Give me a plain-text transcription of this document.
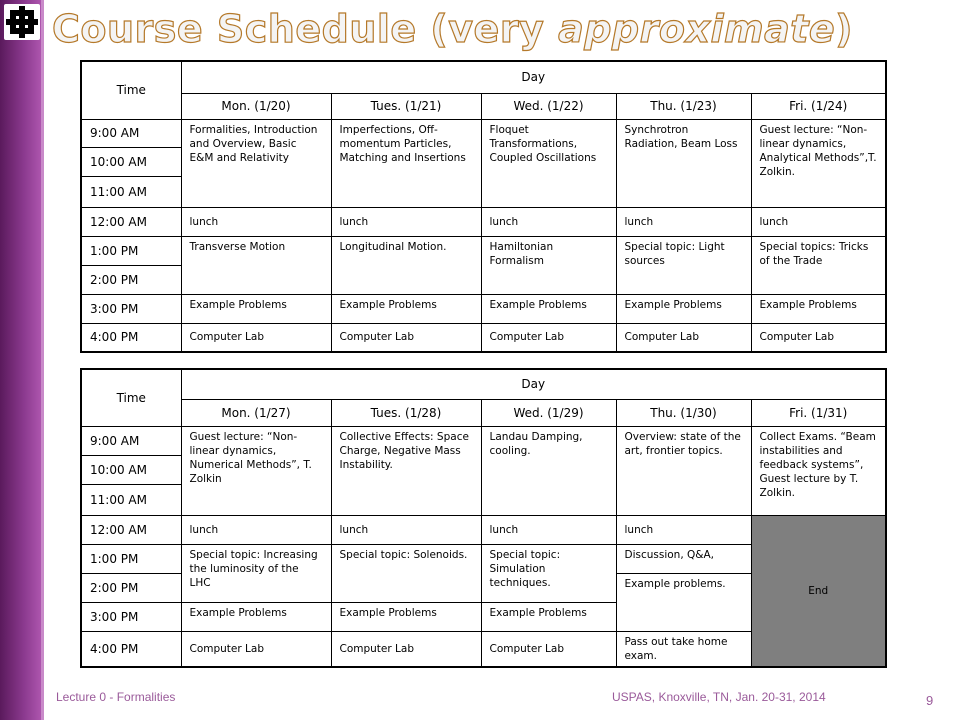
Course Schedule (very approximate)
Time	Day				
	Mon. (1/20)	Tues. (1/21)	Wed. (1/22)	Thu. (1/23)	Fri. (1/24)
9:00 AM	Formalities, Introduction and Overview, Basic E&M and Relativity	Imperfections, Off-momentum Particles, Matching and Insertions	Floquet Transformations, Coupled Oscillations	Synchrotron Radiation, Beam Loss	Guest lecture: “Non-linear dynamics, Analytical Methods”,T. Zolkin.
10:00 AM					
11:00 AM					
12:00 AM	lunch	lunch	lunch	lunch	lunch
1:00 PM	Transverse Motion	Longitudinal Motion.	Hamiltonian Formalism	Special topic: Light sources	Special topics: Tricks of the Trade
2:00 PM					
3:00 PM	Example Problems	Example Problems	Example Problems	Example Problems	Example Problems
4:00 PM	Computer Lab	Computer Lab	Computer Lab	Computer Lab	Computer Lab
Time	Day				
	Mon. (1/27)	Tues. (1/28)	Wed. (1/29)	Thu. (1/30)	Fri. (1/31)
9:00 AM	Guest lecture: “Non-linear dynamics, Numerical Methods”, T. Zolkin	Collective Effects: Space Charge, Negative Mass Instability.	Landau Damping, cooling.	Overview: state of the art, frontier topics.	Collect Exams. “Beam instabilities and feedback systems”, Guest lecture by T. Zolkin.
10:00 AM					
11:00 AM					
12:00 AM	lunch	lunch	lunch	lunch	End
1:00 PM	Special topic: Increasing the luminosity of the LHC	Special topic: Solenoids.	Special topic: Simulation techniques.	Discussion, Q&A,	
2:00 PM				Example problems.	
3:00 PM	Example Problems	Example Problems	Example Problems		
4:00 PM	Computer Lab	Computer Lab	Computer Lab	Pass out take home exam.	
Lecture 0 - Formalities	USPAS, Knoxville, TN, Jan. 20-31, 2014	9
